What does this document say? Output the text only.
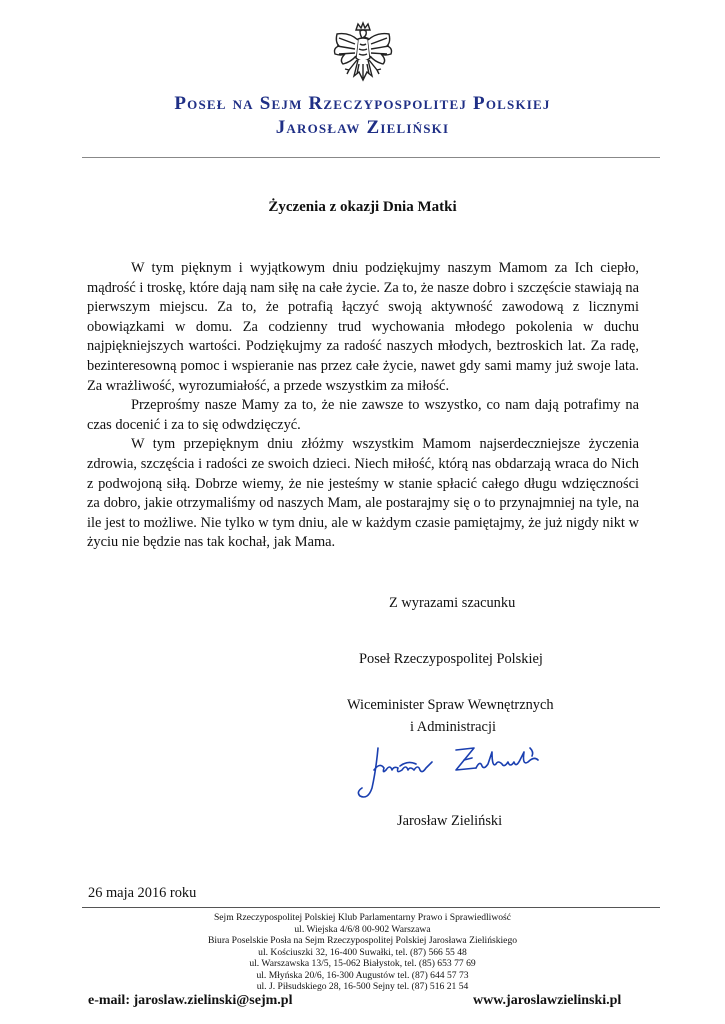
Poseł na Sejm Rzeczypospolitej Polskiej
Jarosław Zieliński
Życzenia z okazji Dnia Matki

W tym pięknym i wyjątkowym dniu podziękujmy naszym Mamom za Ich ciepło, mądrość i troskę, które dają nam siłę na całe życie. Za to, że nasze dobro i szczęście stawiają na pierwszym miejscu. Za to, że potrafią łączyć swoją aktywność zawodową z licznymi obowiązkami w domu. Za codzienny trud wychowania młodego pokolenia w duchu najpiękniejszych wartości. Podziękujmy za radość naszych młodych, beztroskich lat. Za radę, bezinteresowną pomoc i wspieranie nas przez całe życie, nawet gdy sami mamy już swoje lata. Za wrażliwość, wyrozumiałość, a przede wszystkim za miłość.

Przeprośmy nasze Mamy za to, że nie zawsze to wszystko, co nam dają potrafimy na czas docenić i za to się odwdzięczyć.

W tym przepięknym dniu złóżmy wszystkim Mamom najserdeczniejsze życzenia zdrowia, szczęścia i radości ze swoich dzieci. Niech miłość, którą nas obdarzają wraca do Nich z podwojoną siłą. Dobrze wiemy, że nie jesteśmy w stanie spłacić całego długu wdzięczności za dobro, jakie otrzymaliśmy od naszych Mam, ale postarajmy się o to przynajmniej na tyle, na ile jest to możliwe. Nie tylko w tym dniu, ale w każdym czasie pamiętajmy, że już nigdy nikt w życiu nie będzie nas tak kochał, jak Mama.

Z wyrazami szacunku
Poseł Rzeczypospolitej Polskiej
Wiceminister Spraw Wewnętrznych
i Administracji
Jarosław Zieliński
26 maja 2016 roku
Sejm Rzeczypospolitej Polskiej Klub Parlamentarny Prawo i Sprawiedliwość
ul. Wiejska 4/6/8 00-902 Warszawa
Biura Poselskie Posła na Sejm Rzeczypospolitej Polskiej Jarosława Zielińskiego
ul. Kościuszki 32, 16-400 Suwałki, tel. (87) 566 55 48
ul. Warszawska 13/5, 15-062 Białystok, tel. (85) 653 77 69
ul. Młyńska 20/6, 16-300 Augustów tel. (87) 644 57 73
ul. J. Piłsudskiego 28, 16-500 Sejny tel. (87) 516 21 54
e-mail: jaroslaw.zielinski@sejm.pl	www.jaroslawzielinski.pl
